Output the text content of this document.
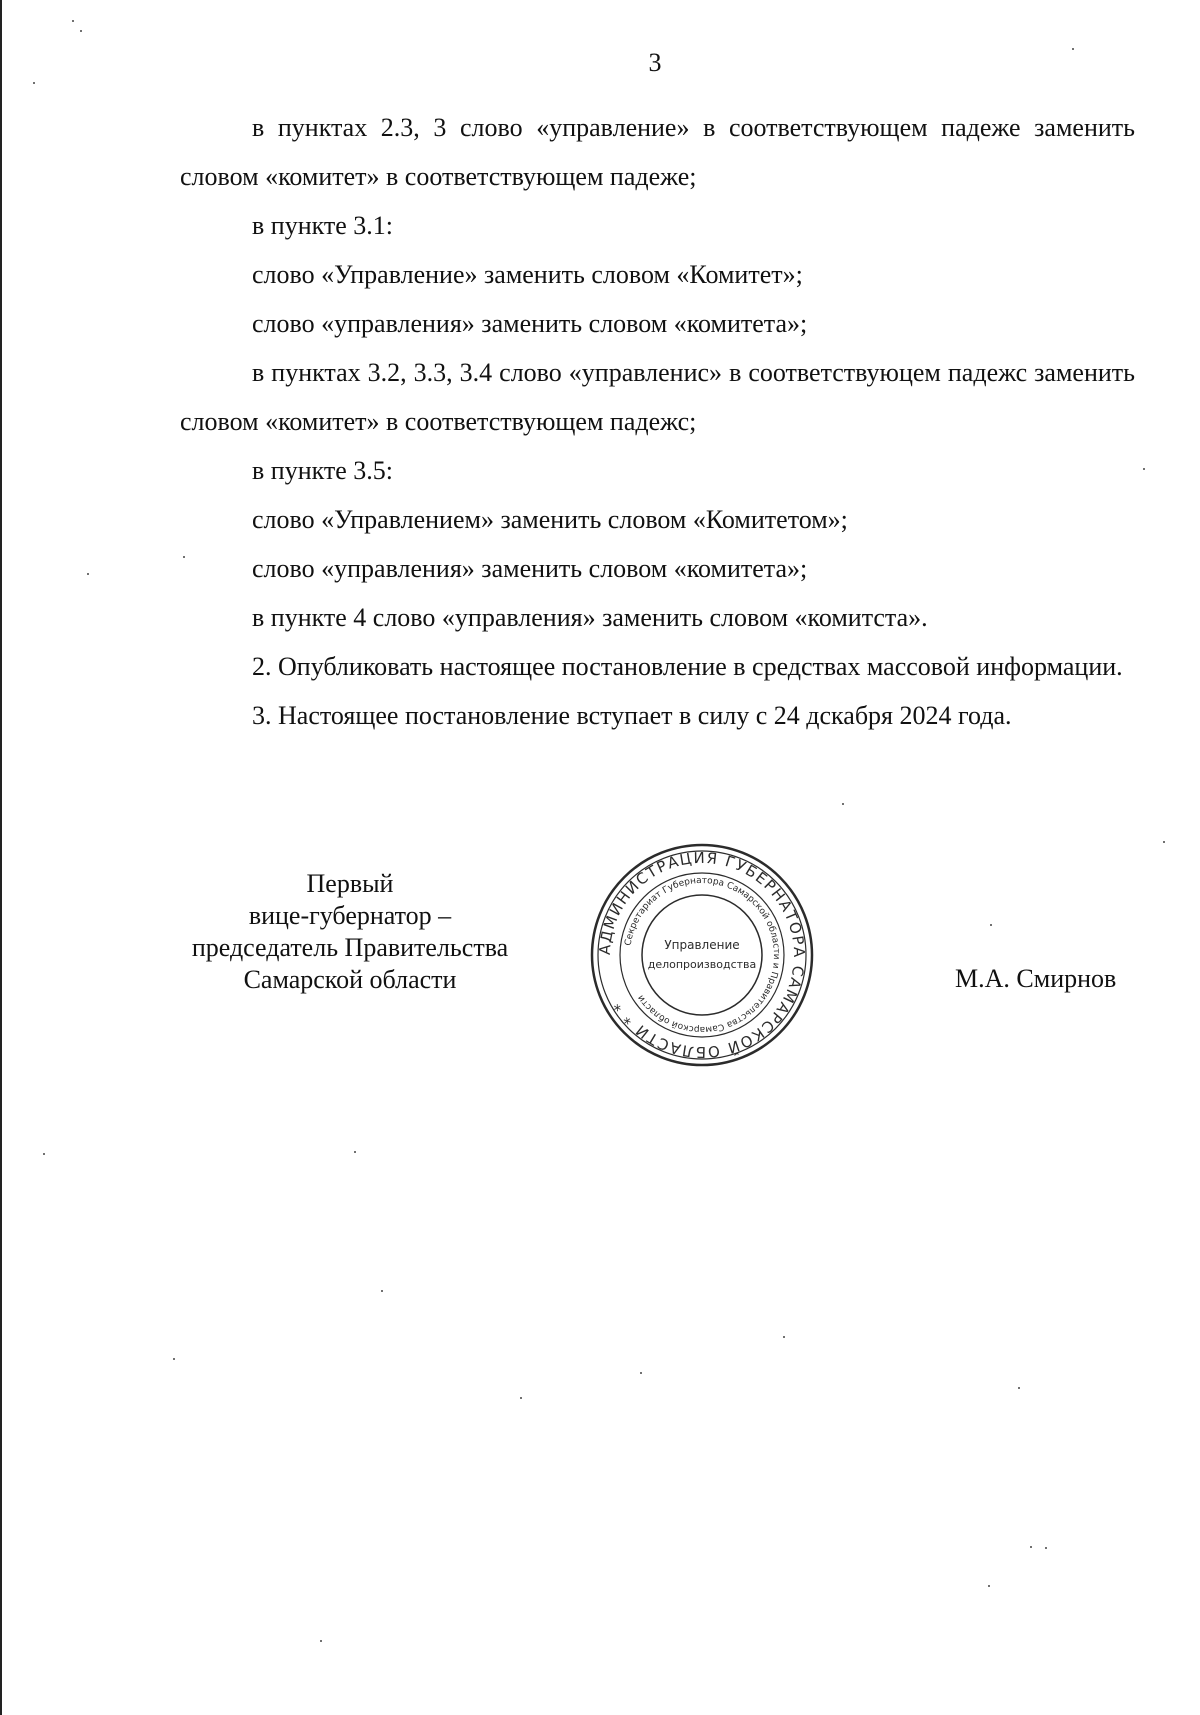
3

в пунктах 2.3, 3 слово «управление» в соответствующем падеже заменить словом «комитет» в соответствующем падеже;

в пункте 3.1:

слово «Управление» заменить словом «Комитет»;

слово «управления» заменить словом «комитета»;

в пунктах 3.2, 3.3, 3.4 слово «управленис» в соответствуюцем падежс заменить словом «комитет» в соответствующем падежс;

в пункте 3.5:

слово «Управлением» заменить словом «Комитетом»;

слово «управления» заменить словом «комитета»;

в пункте 4 слово «управления» заменить словом «комитста».

2. Опубликовать настоящее постановление в средствах массовой информации.

3. Настоящее постановление вступает в силу с 24 дскабря 2024 года.

Первый
вице-губернатор –
председатель Правительства
Самарской области
АДМИНИСТРАЦИЯ ГУБЕРНАТОРА САМАРСКОЙ ОБЛАСТИ * *
Секретариат Губернатора Самарской области и Правительства Самарской области
Управление
делопроизводства	М.А. Смирнов
